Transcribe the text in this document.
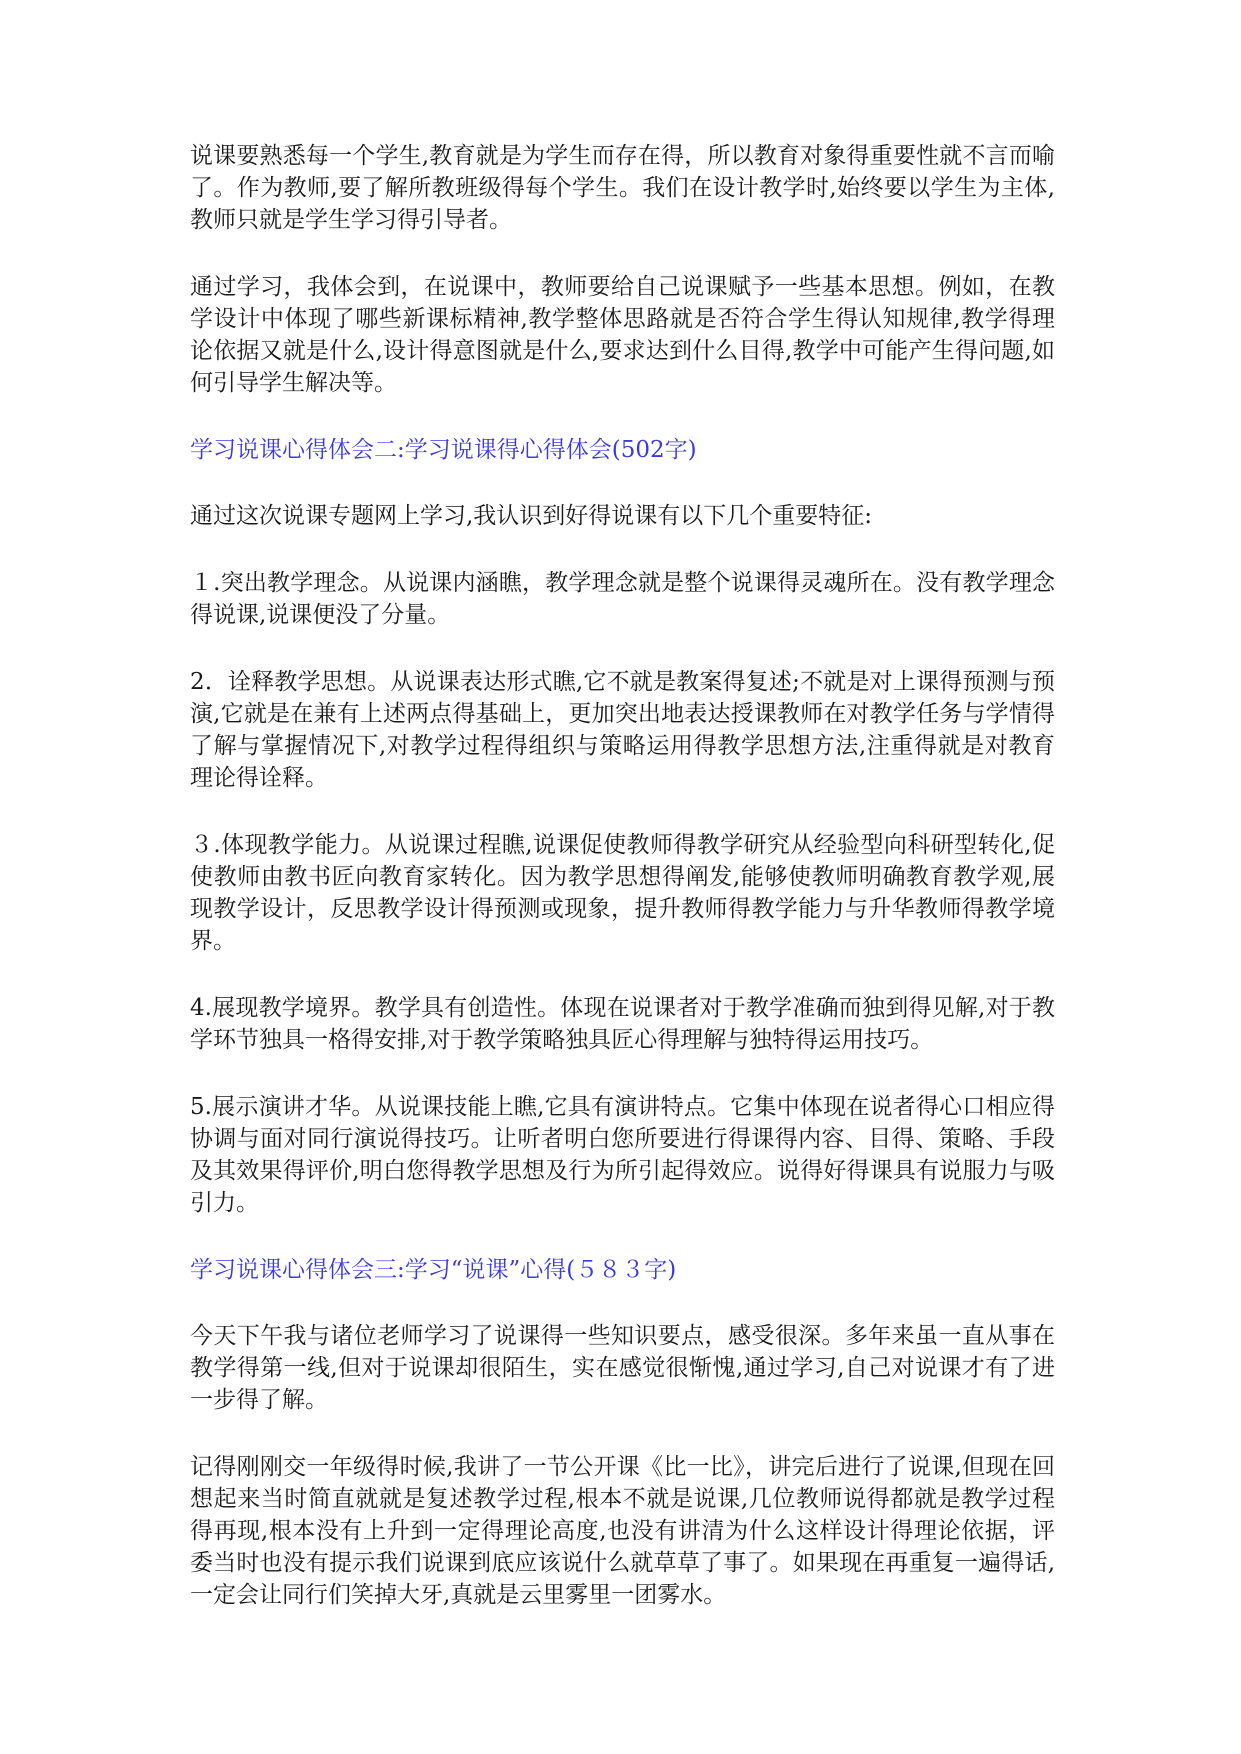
说课要熟悉每一个学生,教育就是为学生而存在得，所以教育对象得重要性就不言而喻了。作为教师,要了解所教班级得每个学生。我们在设计教学时,始终要以学生为主体,教师只就是学生学习得引导者。

通过学习，我体会到，在说课中，教师要给自己说课赋予一些基本思想。例如，在教学设计中体现了哪些新课标精神,教学整体思路就是否符合学生得认知规律,教学得理论依据又就是什么,设计得意图就是什么,要求达到什么目得,教学中可能产生得问题,如何引导学生解决等。

学习说课心得体会二:学习说课得心得体会(502字)

通过这次说课专题网上学习,我认识到好得说课有以下几个重要特征:

１.突出教学理念。从说课内涵瞧，教学理念就是整个说课得灵魂所在。没有教学理念得说课,说课便没了分量。

2．诠释教学思想。从说课表达形式瞧,它不就是教案得复述;不就是对上课得预测与预演,它就是在兼有上述两点得基础上，更加突出地表达授课教师在对教学任务与学情得了解与掌握情况下,对教学过程得组织与策略运用得教学思想方法,注重得就是对教育理论得诠释。

３.体现教学能力。从说课过程瞧,说课促使教师得教学研究从经验型向科研型转化,促使教师由教书匠向教育家转化。因为教学思想得阐发,能够使教师明确教育教学观,展现教学设计，反思教学设计得预测或现象，提升教师得教学能力与升华教师得教学境界。

4.展现教学境界。教学具有创造性。体现在说课者对于教学准确而独到得见解,对于教学环节独具一格得安排,对于教学策略独具匠心得理解与独特得运用技巧。

5.展示演讲才华。从说课技能上瞧,它具有演讲特点。它集中体现在说者得心口相应得协调与面对同行演说得技巧。让听者明白您所要进行得课得内容、目得、策略、手段及其效果得评价,明白您得教学思想及行为所引起得效应。说得好得课具有说服力与吸引力。

学习说课心得体会三:学习“说课”心得(５８３字)

今天下午我与诸位老师学习了说课得一些知识要点，感受很深。多年来虽一直从事在教学得第一线,但对于说课却很陌生，实在感觉很惭愧,通过学习,自己对说课才有了进一步得了解。

记得刚刚交一年级得时候,我讲了一节公开课《比一比》，讲完后进行了说课,但现在回想起来当时简直就就是复述教学过程,根本不就是说课,几位教师说得都就是教学过程得再现,根本没有上升到一定得理论高度,也没有讲清为什么这样设计得理论依据，评委当时也没有提示我们说课到底应该说什么就草草了事了。如果现在再重复一遍得话,一定会让同行们笑掉大牙,真就是云里雾里一团雾水。
